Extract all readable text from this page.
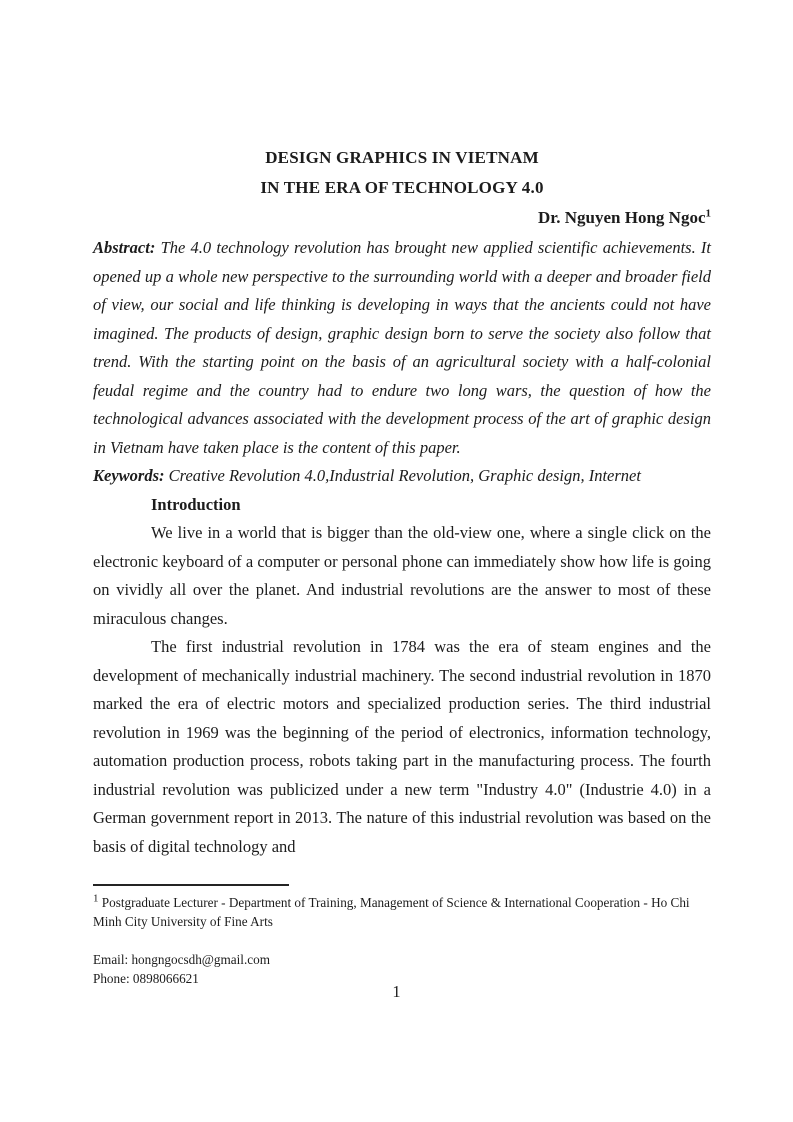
DESIGN GRAPHICS IN VIETNAM
IN THE ERA OF TECHNOLOGY 4.0
Dr. Nguyen Hong Ngoc$^1$

Abstract: The 4.0 technology revolution has brought new applied scientific achievements. It opened up a whole new perspective to the surrounding world with a deeper and broader field of view, our social and life thinking is developing in ways that the ancients could not have imagined. The products of design, graphic design born to serve the society also follow that trend. With the starting point on the basis of an agricultural society with a half-colonial feudal regime and the country had to endure two long wars, the question of how the technological advances associated with the development process of the art of graphic design in Vietnam have taken place is the content of this paper.

Keywords: Creative Revolution 4.0,Industrial Revolution, Graphic design, Internet
Introduction

We live in a world that is bigger than the old-view one, where a single click on the electronic keyboard of a computer or personal phone can immediately show how life is going on vividly all over the planet. And industrial revolutions are the answer to most of these miraculous changes.

The first industrial revolution in 1784 was the era of steam engines and the development of mechanically industrial machinery. The second industrial revolution in 1870 marked the era of electric motors and specialized production series. The third industrial revolution in 1969 was the beginning of the period of electronics, information technology, automation production process, robots taking part in the manufacturing process. The fourth industrial revolution was publicized under a new term "Industry 4.0" (Industrie 4.0) in a German government report in 2013. The nature of this industrial revolution was based on the basis of digital technology and

$^1$ Postgraduate Lecturer - Department of Training, Management of Science & International Cooperation - Ho Chi Minh City University of Fine Arts
Email: hongngocsdh@gmail.com
Phone: 0898066621
1
